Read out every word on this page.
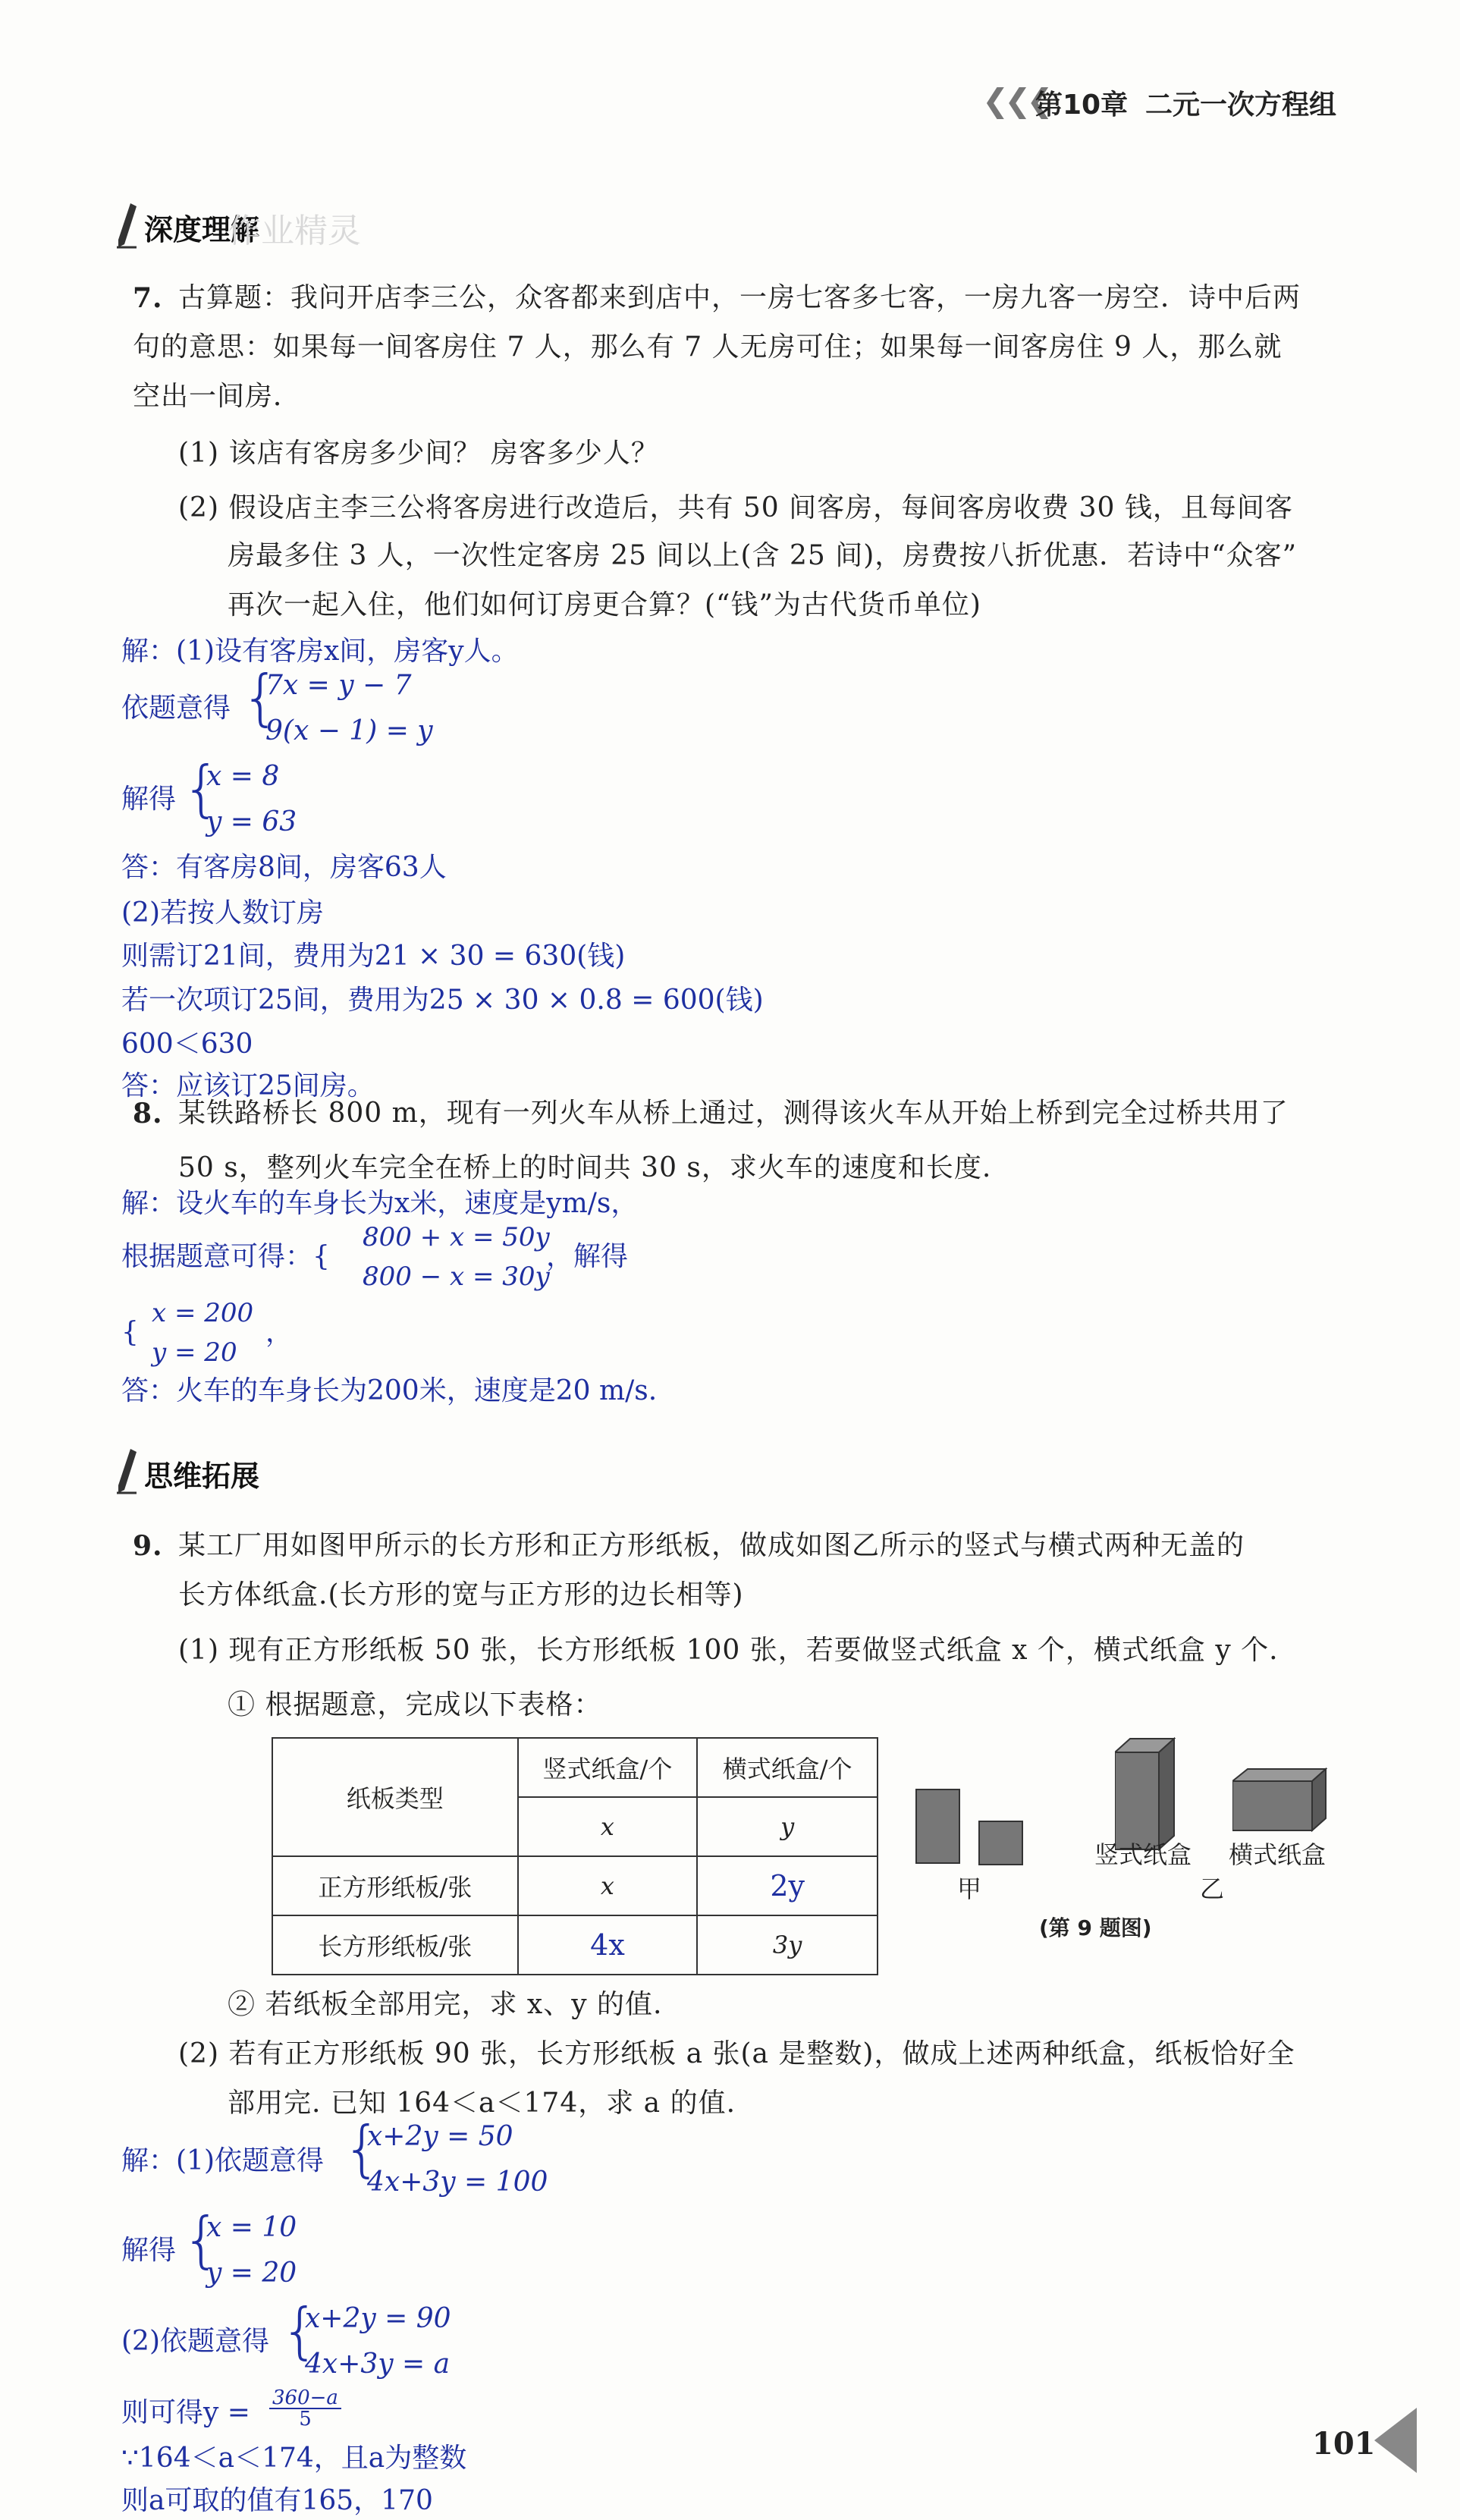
❮❮❮
第10章 二元一次方程组
深度理解
作业精灵
7. 古算题：我问开店李三公，众客都来到店中，一房七客多七客，一房九客一房空．诗中后两
句的意思：如果每一间客房住 7 人，那么有 7 人无房可住；如果每一间客房住 9 人，那么就
空出一间房．
(1) 该店有客房多少间？ 房客多少人？
(2) 假设店主李三公将客房进行改造后，共有 50 间客房，每间客房收费 30 钱，且每间客
房最多住 3 人，一次性定客房 25 间以上(含 25 间)，房费按八折优惠．若诗中“众客”
再次一起入住，他们如何订房更合算？(“钱”为古代货币单位)
解：(1)设有客房x间，房客y人。
依题意得 {
7x = y − 7
9(x − 1) = y
解得 {
x = 8
y = 63
答：有客房8间，房客63人
(2)若按人数订房
则需订21间，费用为21 × 30 = 630(钱)
若一次项订25间，费用为25 × 30 × 0.8 = 600(钱)
600＜630
答：应该订25间房。
8. 某铁路桥长 800 m，现有一列火车从桥上通过，测得该火车从开始上桥到完全过桥共用了
50 s，整列火车完全在桥上的时间共 30 s，求火车的速度和长度.
解：设火车的车身长为x米，速度是ym/s，
根据题意可得：{
800 + x = 50y
800 − x = 30y
，解得
{
x = 200
y = 20
，
答：火车的车身长为200米，速度是20 m/s.
思维拓展
9. 某工厂用如图甲所示的长方形和正方形纸板，做成如图乙所示的竖式与横式两种无盖的
长方体纸盒.(长方形的宽与正方形的边长相等)
(1) 现有正方形纸板 50 张，长方形纸板 100 张，若要做竖式纸盒 x 个，横式纸盒 y 个.
① 根据题意，完成以下表格：
纸板类型	竖式纸盒/个	横式纸盒/个
	x	y
正方形纸板/张	x	2y
长方形纸板/张	4x	3y
甲
竖式纸盒 横式纸盒
乙
(第 9 题图)
② 若纸板全部用完，求 x、y 的值.
(2) 若有正方形纸板 90 张，长方形纸板 a 张(a 是整数)，做成上述两种纸盒，纸板恰好全
部用完. 已知 164＜a＜174，求 a 的值.
解：(1)依题意得 {
x+2y = 50
4x+3y = 100
解得 {
x = 10
y = 20
(2)依题意得 {
x+2y = 90
4x+3y = a
则可得$y = \frac{360-a}{5}$
∵164＜a＜174，且a为整数
则a可取的值有165，170
101
